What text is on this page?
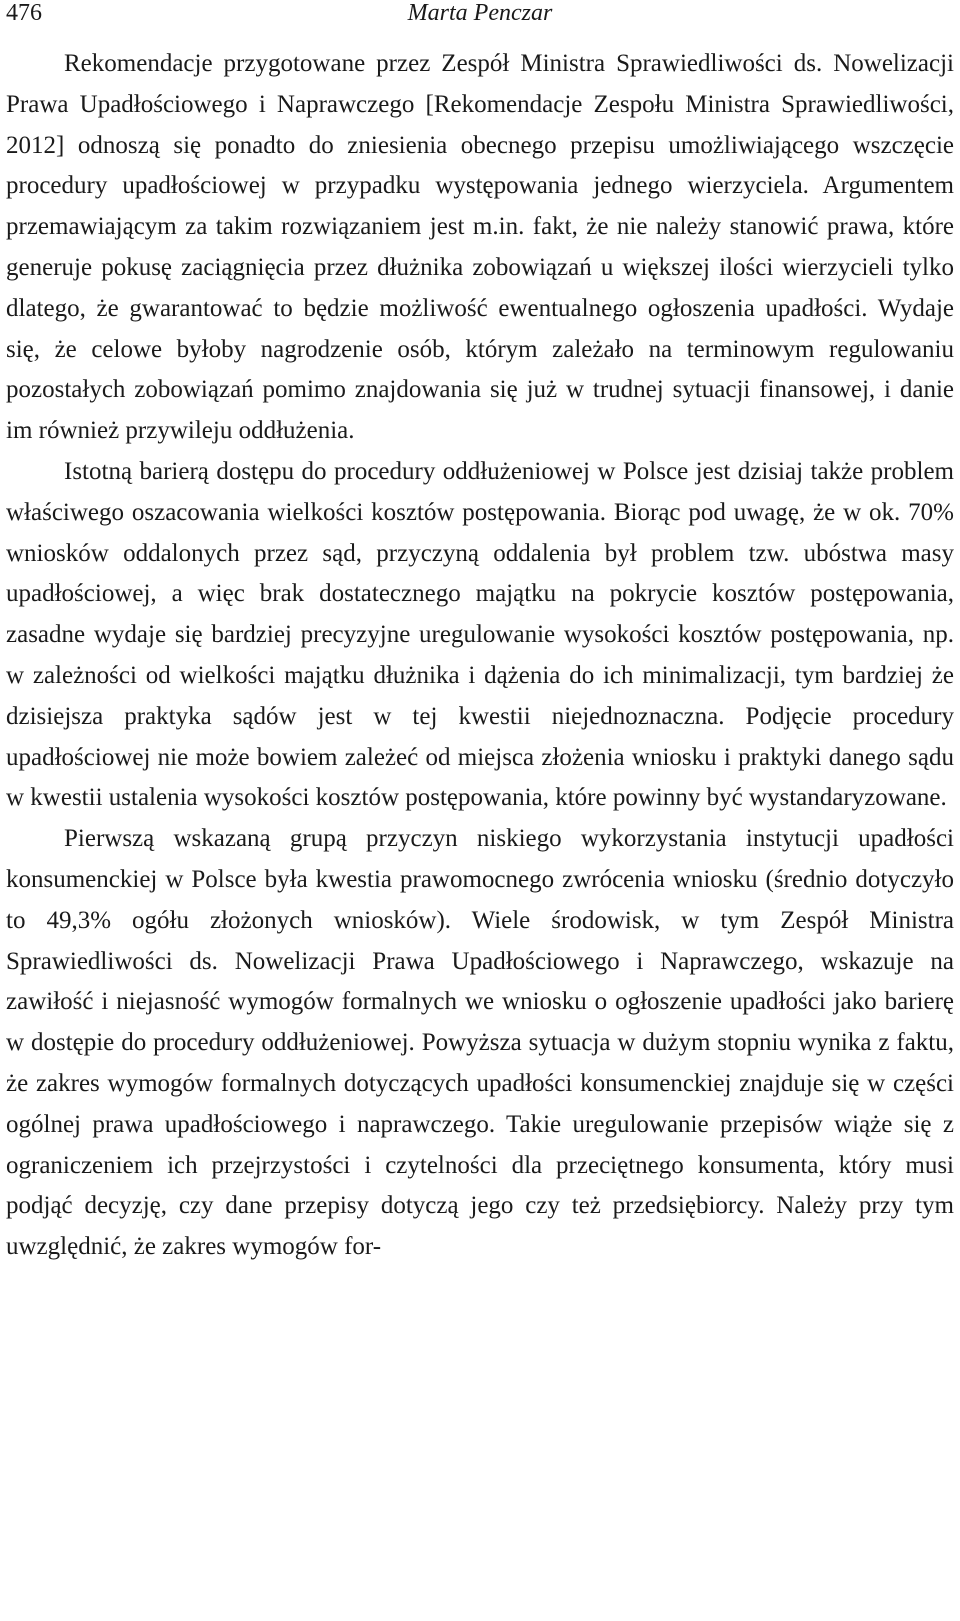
476	Marta Penczar

Rekomendacje przygotowane przez Zespół Ministra Sprawiedliwości ds. Nowelizacji Prawa Upadłościowego i Naprawczego [Rekomendacje Zespołu Ministra Sprawiedliwości, 2012] odnoszą się ponadto do zniesienia obecnego przepisu umożliwiającego wszczęcie procedury upadłościowej w przypadku występowania jednego wierzyciela. Argumentem przemawiającym za takim rozwiązaniem jest m.in. fakt, że nie należy stanowić prawa, które generuje pokusę zaciągnięcia przez dłużnika zobowiązań u większej ilości wierzycieli tylko dlatego, że gwarantować to będzie możliwość ewentualnego ogłoszenia upadłości. Wydaje się, że celowe byłoby nagrodzenie osób, którym zależało na terminowym regulowaniu pozostałych zobowiązań pomimo znajdowania się już w trudnej sytuacji finansowej, i danie im również przywileju oddłużenia.

Istotną barierą dostępu do procedury oddłużeniowej w Polsce jest dzisiaj także problem właściwego oszacowania wielkości kosztów postępowania. Biorąc pod uwagę, że w ok. 70% wniosków oddalonych przez sąd, przyczyną oddalenia był problem tzw. ubóstwa masy upadłościowej, a więc brak dostatecznego majątku na pokrycie kosztów postępowania, zasadne wydaje się bardziej precyzyjne uregulowanie wysokości kosztów postępowania, np. w zależności od wielkości majątku dłużnika i dążenia do ich minimalizacji, tym bardziej że dzisiejsza praktyka sądów jest w tej kwestii niejednoznaczna. Podjęcie procedury upadłościowej nie może bowiem zależeć od miejsca złożenia wniosku i praktyki danego sądu w kwestii ustalenia wysokości kosztów postępowania, które powinny być wystandaryzowane.

Pierwszą wskazaną grupą przyczyn niskiego wykorzystania instytucji upadłości konsumenckiej w Polsce była kwestia prawomocnego zwrócenia wniosku (średnio dotyczyło to 49,3% ogółu złożonych wniosków). Wiele środowisk, w tym Zespół Ministra Sprawiedliwości ds. Nowelizacji Prawa Upadłościowego i Naprawczego, wskazuje na zawiłość i niejasność wymogów formalnych we wniosku o ogłoszenie upadłości jako barierę w dostępie do procedury oddłużeniowej. Powyższa sytuacja w dużym stopniu wynika z faktu, że zakres wymogów formalnych dotyczących upadłości konsumenckiej znajduje się w części ogólnej prawa upadłościowego i naprawczego. Takie uregulowanie przepisów wiąże się z ograniczeniem ich przejrzystości i czytelności dla przeciętnego konsumenta, który musi podjąć decyzję, czy dane przepisy dotyczą jego czy też przedsiębiorcy. Należy przy tym uwzględnić, że zakres wymogów for-
